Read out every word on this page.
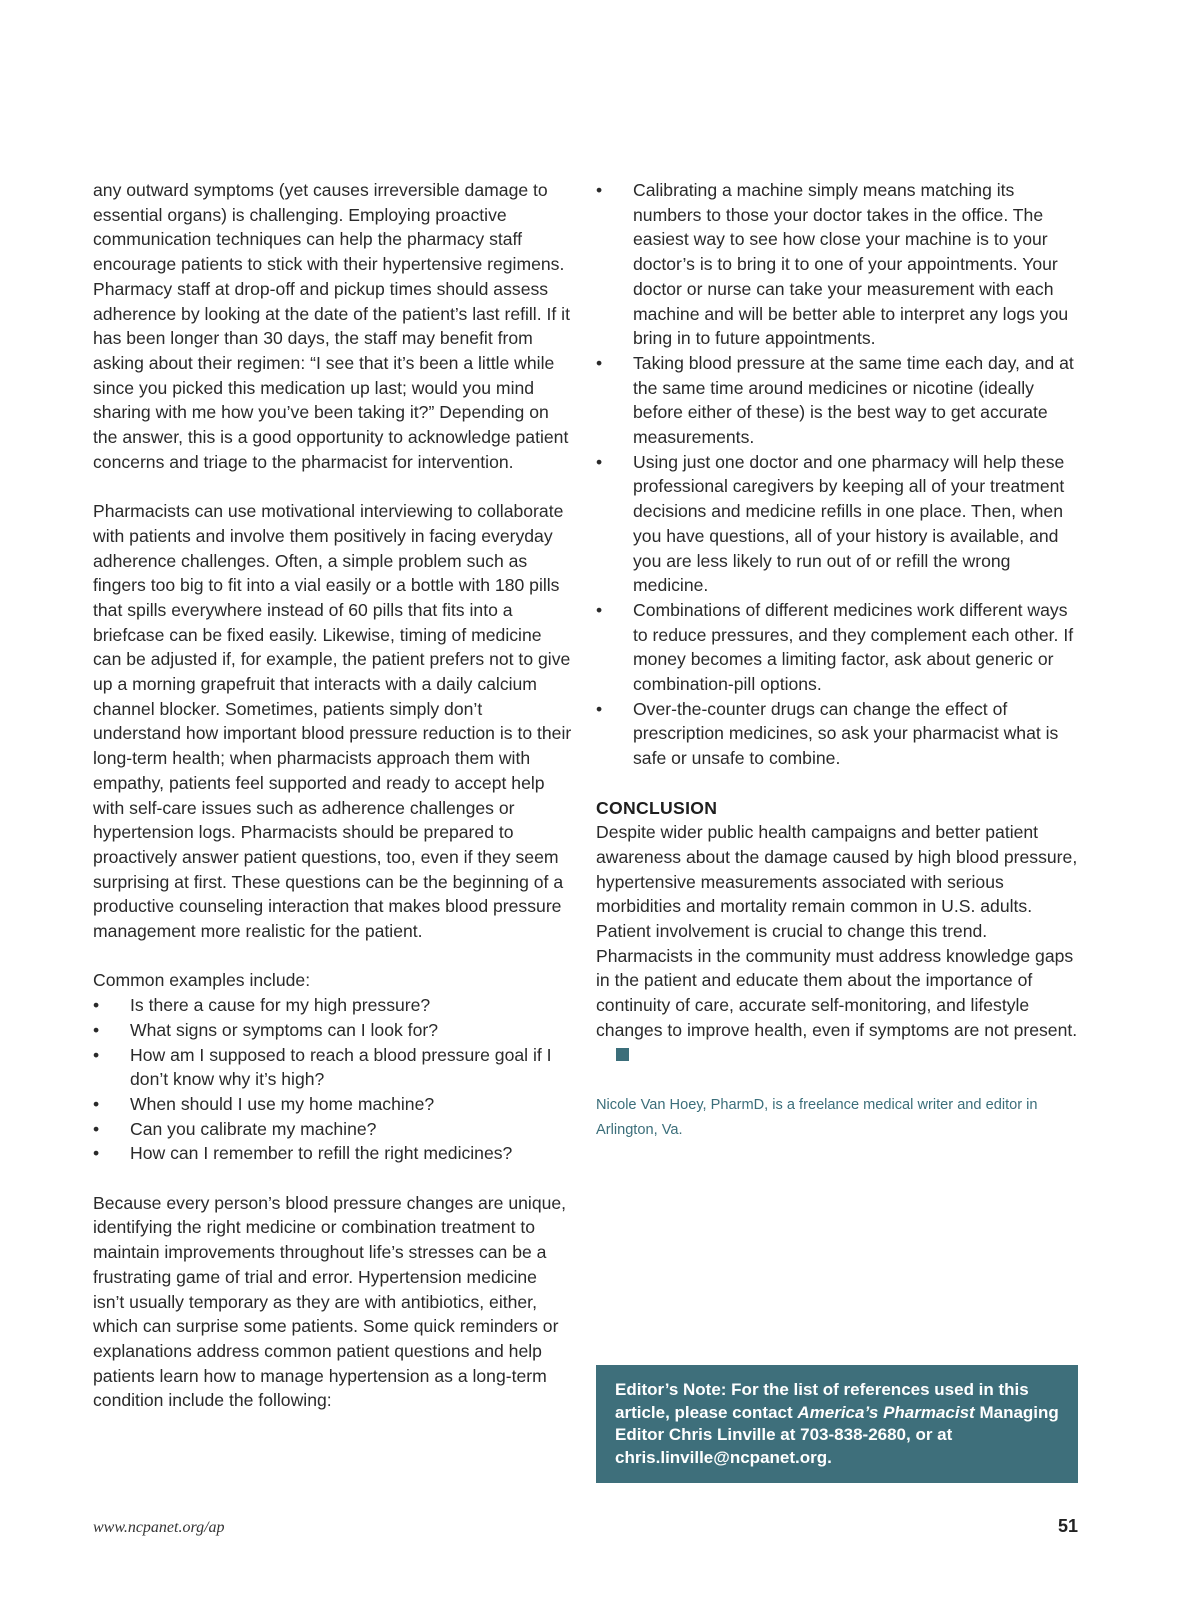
any outward symptoms (yet causes irreversible damage to essential organs) is challenging. Employing proactive communication techniques can help the pharmacy staff encourage patients to stick with their hypertensive regimens. Pharmacy staff at drop-off and pickup times should assess adherence by looking at the date of the patient’s last refill. If it has been longer than 30 days, the staff may benefit from asking about their regimen: “I see that it’s been a little while since you picked this medication up last; would you mind sharing with me how you’ve been taking it?” Depending on the answer, this is a good opportunity to acknowledge patient concerns and triage to the pharmacist for intervention.

Pharmacists can use motivational interviewing to collaborate with patients and involve them positively in facing everyday adherence challenges. Often, a simple problem such as fingers too big to fit into a vial easily or a bottle with 180 pills that spills everywhere instead of 60 pills that fits into a briefcase can be fixed easily. Likewise, timing of medicine can be adjusted if, for example, the patient prefers not to give up a morning grapefruit that interacts with a daily calcium channel blocker. Sometimes, patients simply don’t understand how important blood pressure reduction is to their long-term health; when pharmacists approach them with empathy, patients feel supported and ready to accept help with self-care issues such as adherence challenges or hypertension logs. Pharmacists should be prepared to proactively answer patient questions, too, even if they seem surprising at first. These questions can be the beginning of a productive counseling interaction that makes blood pressure management more realistic for the patient.

Common examples include:

• Is there a cause for my high pressure?
• What signs or symptoms can I look for?
• How am I supposed to reach a blood pressure goal if I don’t know why it’s high?
• When should I use my home machine?
• Can you calibrate my machine?
• How can I remember to refill the right medicines?

Because every person’s blood pressure changes are unique, identifying the right medicine or combination treatment to maintain improvements throughout life’s stresses can be a frustrating game of trial and error. Hypertension medicine isn’t usually temporary as they are with antibiotics, either, which can surprise some patients. Some quick reminders or explanations address common patient questions and help patients learn how to manage hypertension as a long-term condition include the following:

• Calibrating a machine simply means matching its numbers to those your doctor takes in the office. The easiest way to see how close your machine is to your doctor’s is to bring it to one of your appointments. Your doctor or nurse can take your measurement with each machine and will be better able to interpret any logs you bring in to future appointments.
• Taking blood pressure at the same time each day, and at the same time around medicines or nicotine (ideally before either of these) is the best way to get accurate measurements.
• Using just one doctor and one pharmacy will help these professional caregivers by keeping all of your treatment decisions and medicine refills in one place. Then, when you have questions, all of your history is available, and you are less likely to run out of or refill the wrong medicine.
• Combinations of different medicines work different ways to reduce pressures, and they complement each other. If money becomes a limiting factor, ask about generic or combination-pill options.
• Over-the-counter drugs can change the effect of prescription medicines, so ask your pharmacist what is safe or unsafe to combine.
CONCLUSION

Despite wider public health campaigns and better patient awareness about the damage caused by high blood pressure, hypertensive measurements associated with serious morbidities and mortality remain common in U.S. adults. Patient involvement is crucial to change this trend. Pharmacists in the community must address knowledge gaps in the patient and educate them about the importance of continuity of care, accurate self-monitoring, and lifestyle changes to improve health, even if symptoms are not present.

Nicole Van Hoey, PharmD, is a freelance medical writer and editor in Arlington, Va.

Editor’s Note: For the list of references used in this article, please contact America’s Pharmacist Managing Editor Chris Linville at 703-838-2680, or at chris.linville@ncpanet.org.
www.ncpanet.org/ap	51
